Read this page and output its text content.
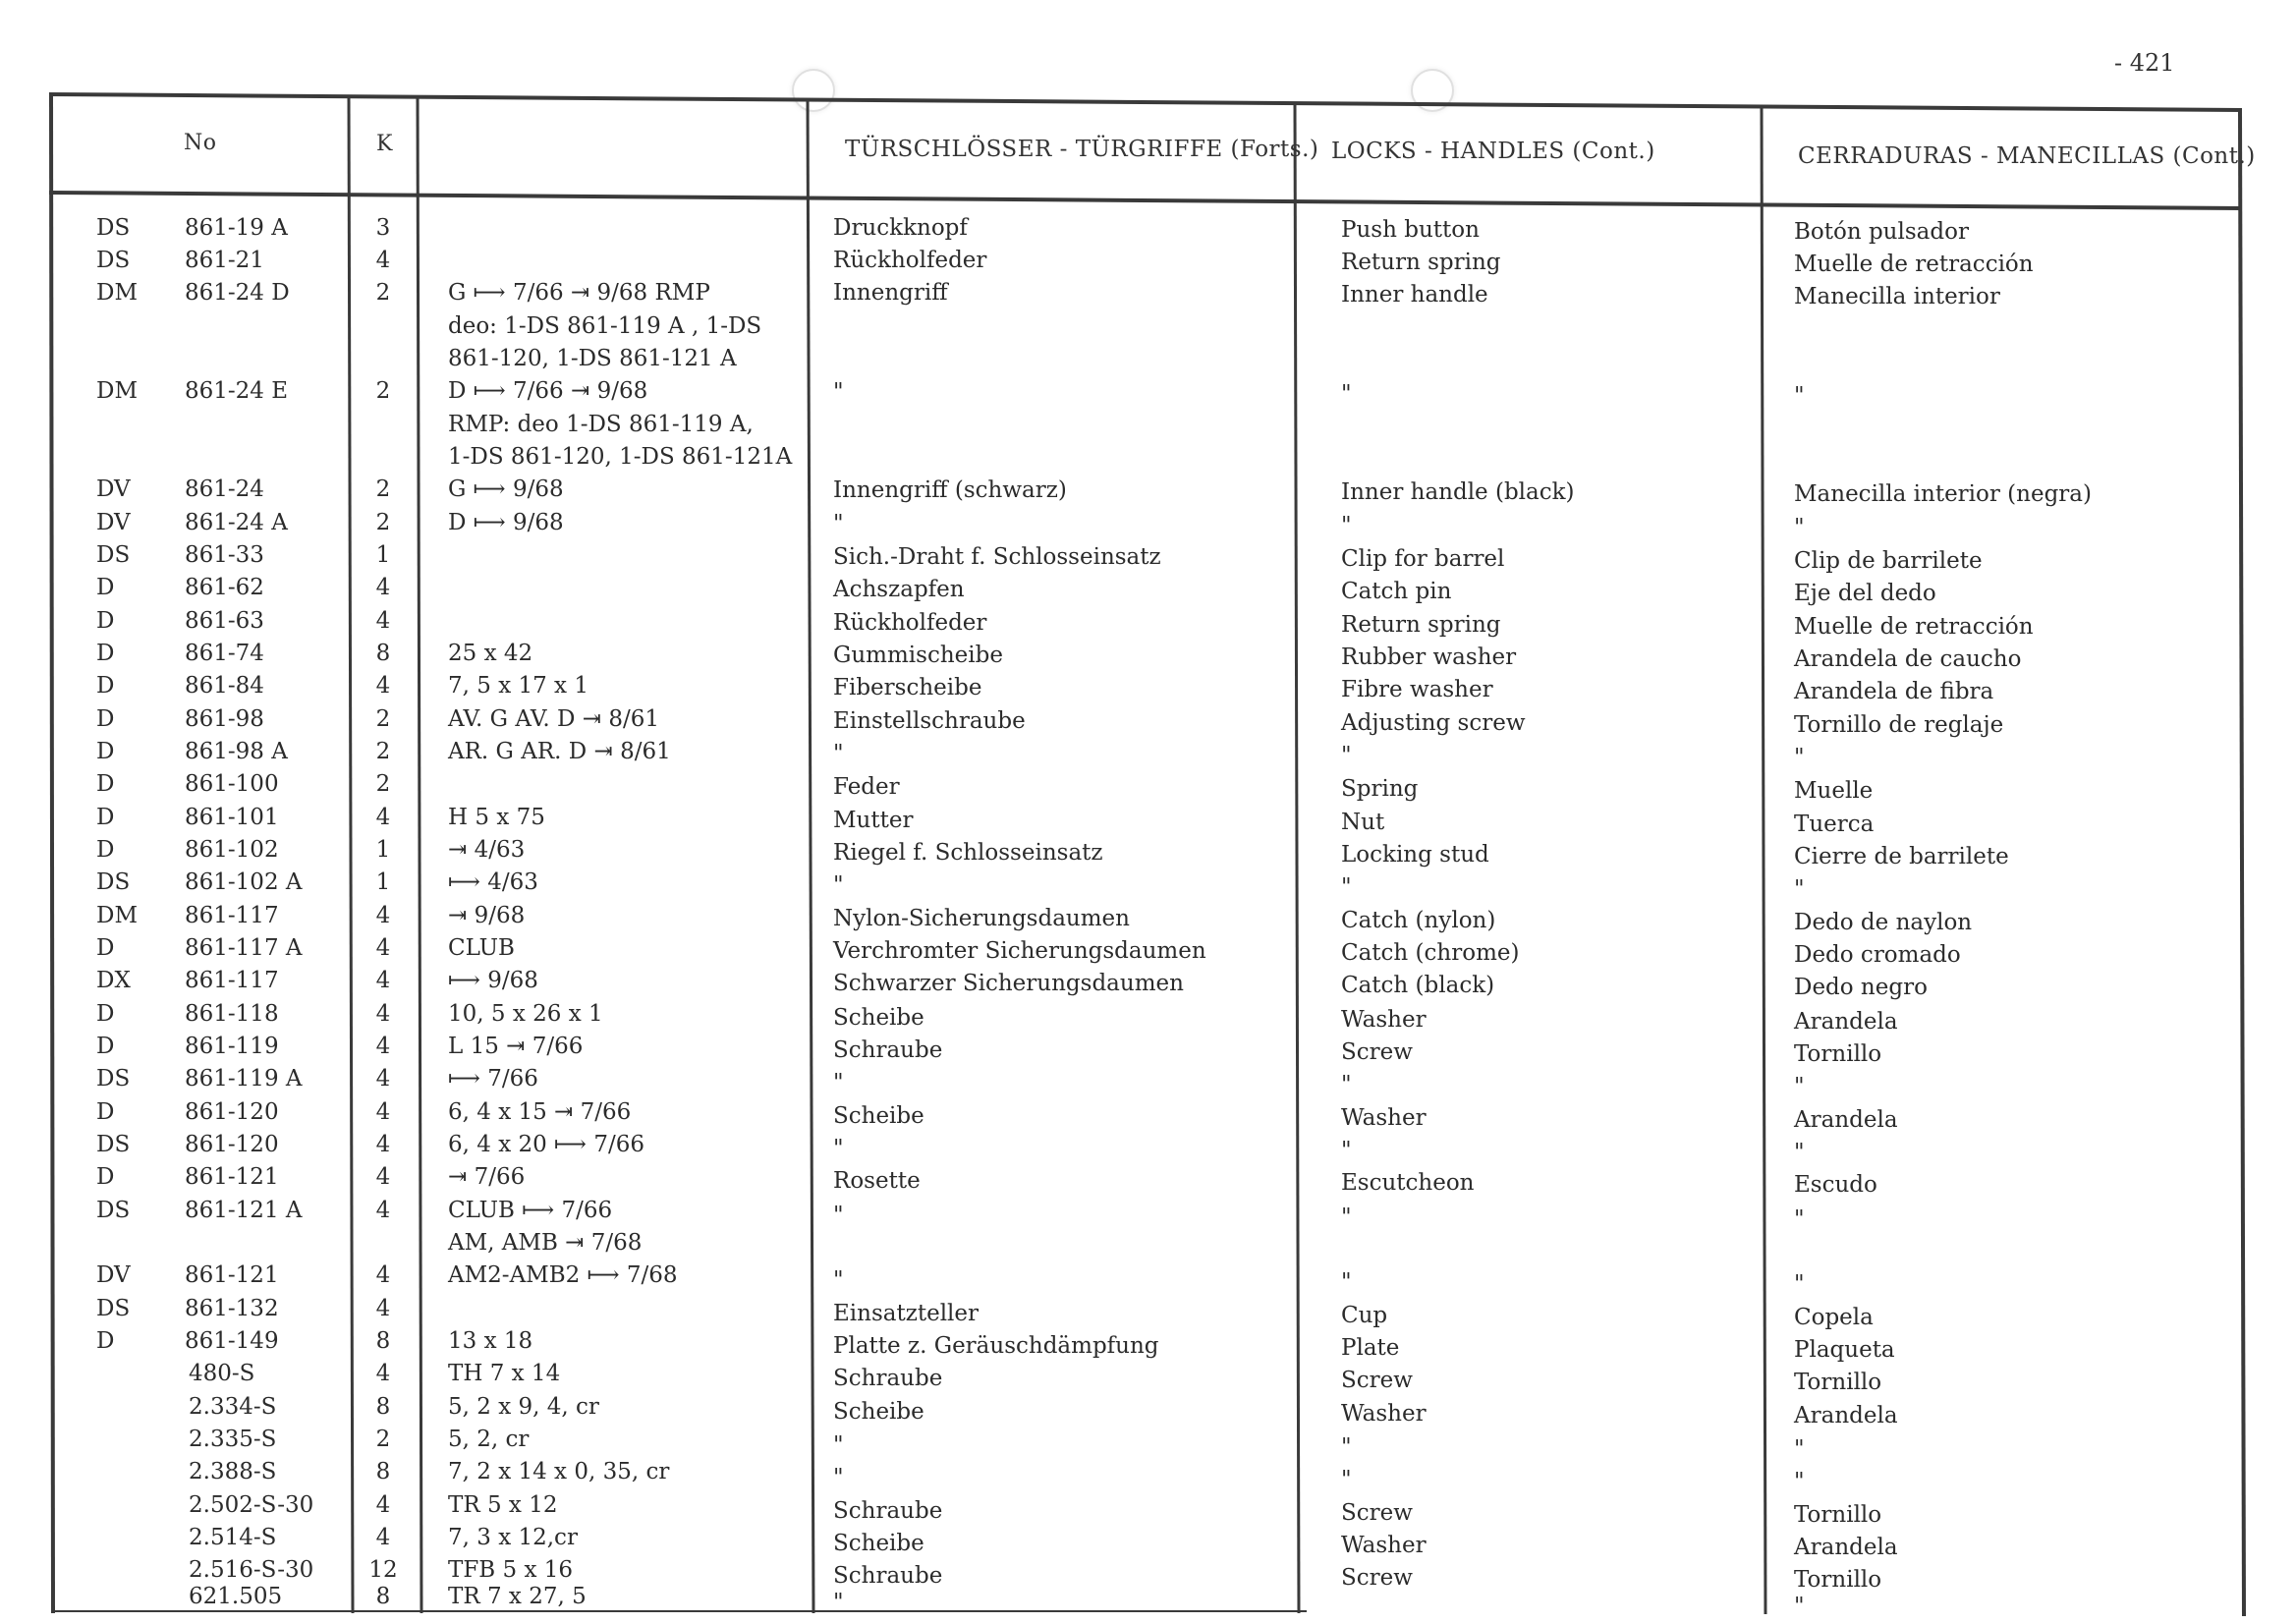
- 421
No	K	TÜRSCHLÖSSER - TÜRGRIFFE (Forts.) LOCKS - HANDLES (Cont.)	CERRADURAS - MANECILLAS (Cont.)
DS 861-19 A	3	Druckknopf	Push button	Botón pulsador
DS 861-21	4	Rückholfeder	Return spring	Muelle de retracción
DM 861-24 D	2	G ⟼ 7/66 ⇥ 9/68 RMP	Innengriff	Inner handle	Manecilla interior
deo: 1-DS 861-119 A , 1-DS
861-120, 1-DS 861-121 A
DM 861-24 E	2	D ⟼ 7/66 ⇥ 9/68	"	"	"
RMP: deo 1-DS 861-119 A,
1-DS 861-120, 1-DS 861-121A
DV 861-24	2	G ⟼ 9/68	Innengriff (schwarz)	Inner handle (black)	Manecilla interior (negra)
DV 861-24 A	2	D ⟼ 9/68	"	"	"
DS 861-33	1	Sich.-Draht f. Schlosseinsatz	Clip for barrel	Clip de barrilete
D	861-62	4	Achszapfen	Catch pin	Eje del dedo
D	861-63	4	Rückholfeder	Return spring	Muelle de retracción
D	861-74	8	25 x 42	Gummischeibe	Rubber washer	Arandela de caucho
D	861-84	4	7, 5 x 17 x 1	Fiberscheibe	Fibre washer	Arandela de fibra
D	861-98	2	AV. G AV. D ⇥ 8/61	Einstellschraube	Adjusting screw	Tornillo de reglaje
D	861-98 A	2	AR. G AR. D ⇥ 8/61	"	"	"
D	861-100	2	Feder	Spring	Muelle
D	861-101	4	H 5 x 75	Mutter	Nut	Tuerca
D	861-102	1	⇥ 4/63	Riegel f. Schlosseinsatz	Locking stud	Cierre de barrilete
DS 861-102 A	1	⟼ 4/63	"	"	"
DM 861-117	4	⇥ 9/68	Nylon-Sicherungsdaumen	Catch (nylon)	Dedo de naylon
D	861-117 A	4	CLUB	Verchromter Sicherungsdaumen	Catch (chrome)	Dedo cromado
DX 861-117	4	⟼ 9/68	Schwarzer Sicherungsdaumen	Catch (black)	Dedo negro
D	861-118	4	10, 5 x 26 x 1	Scheibe	Washer	Arandela
D	861-119	4	L 15 ⇥ 7/66	Schraube	Screw	Tornillo
DS 861-119 A	4	⟼ 7/66	"	"	"
D	861-120	4	6, 4 x 15 ⇥ 7/66	Scheibe	Washer	Arandela
DS 861-120	4	6, 4 x 20 ⟼ 7/66	"	"	"
D	861-121	4	⇥ 7/66	Rosette	Escutcheon	Escudo
DS 861-121 A	4	CLUB ⟼ 7/66	"	"	"
AM, AMB ⇥ 7/68
DV 861-121	4	AM2-AMB2 ⟼ 7/68	"	"	"
DS 861-132	4	Einsatzteller	Cup	Copela
D	861-149	8	13 x 18	Platte z. Geräuschdämpfung	Plate	Plaqueta
480-S	4	TH 7 x 14	Schraube	Screw	Tornillo
2.334-S	8	5, 2 x 9, 4, cr	Scheibe	Washer	Arandela
2.335-S	2	5, 2, cr	"	"	"
2.388-S	8	7, 2 x 14 x 0, 35, cr	"	"	"
2.502-S-30	4	TR 5 x 12	Schraube	Screw	Tornillo
2.514-S	4	7, 3 x 12,cr	Scheibe	Washer	Arandela
2.516-S-30 12 TFB 5 x 16	Schraube	Screw	Tornillo
621.505	8	TR 7 x 27, 5	"	"
